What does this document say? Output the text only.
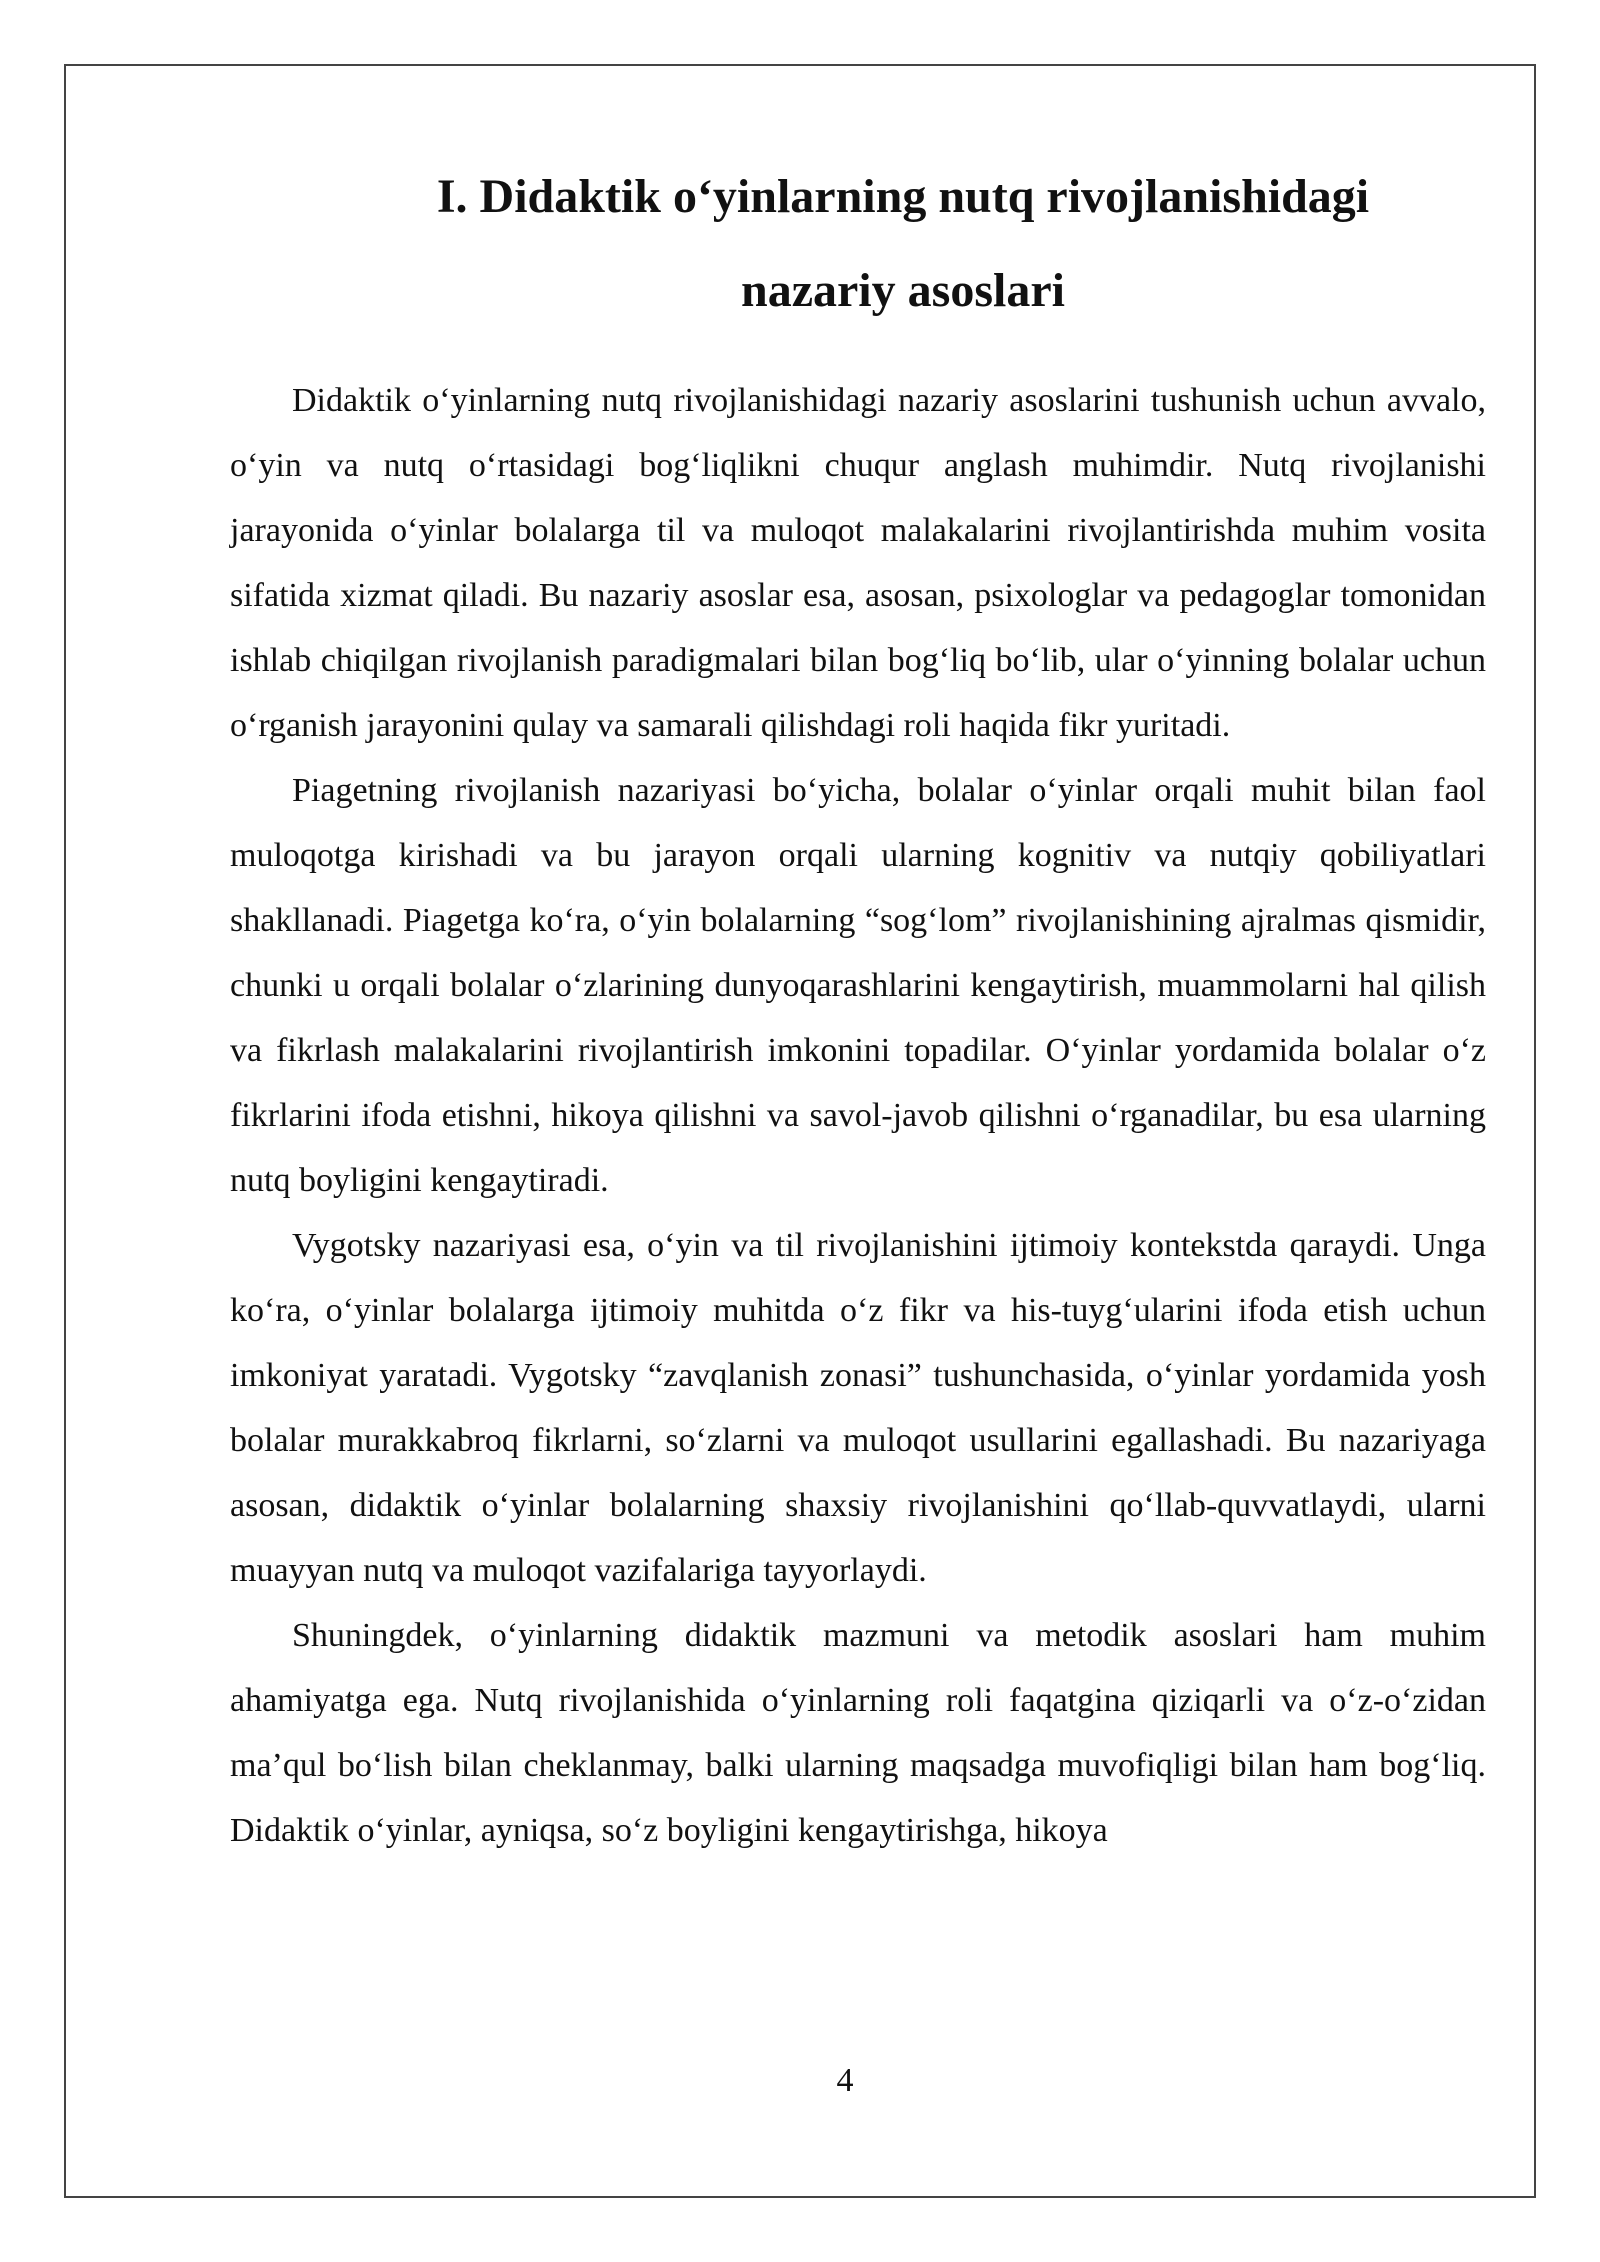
I. Didaktik o‘yinlarning nutq rivojlanishidagi
nazariy asoslari

Didaktik o‘yinlarning nutq rivojlanishidagi nazariy asoslarini tushunish uchun avvalo, o‘yin va nutq o‘rtasidagi bog‘liqlikni chuqur anglash muhimdir. Nutq rivojlanishi jarayonida o‘yinlar bolalarga til va muloqot malakalarini rivojlantirishda muhim vosita sifatida xizmat qiladi. Bu nazariy asoslar esa, asosan, psixologlar va pedagoglar tomonidan ishlab chiqilgan rivojlanish paradigmalari bilan bog‘liq bo‘lib, ular o‘yinning bolalar uchun o‘rganish jarayonini qulay va samarali qilishdagi roli haqida fikr yuritadi.

Piagetning rivojlanish nazariyasi bo‘yicha, bolalar o‘yinlar orqali muhit bilan faol muloqotga kirishadi va bu jarayon orqali ularning kognitiv va nutqiy qobiliyatlari shakllanadi. Piagetga ko‘ra, o‘yin bolalarning “sog‘lom” rivojlanishining ajralmas qismidir, chunki u orqali bolalar o‘zlarining dunyoqarashlarini kengaytirish, muammolarni hal qilish va fikrlash malakalarini rivojlantirish imkonini topadilar. O‘yinlar yordamida bolalar o‘z fikrlarini ifoda etishni, hikoya qilishni va savol-javob qilishni o‘rganadilar, bu esa ularning nutq boyligini kengaytiradi.

Vygotsky nazariyasi esa, o‘yin va til rivojlanishini ijtimoiy kontekstda qaraydi. Unga ko‘ra, o‘yinlar bolalarga ijtimoiy muhitda o‘z fikr va his-tuyg‘ularini ifoda etish uchun imkoniyat yaratadi. Vygotsky “zavqlanish zonasi” tushunchasida, o‘yinlar yordamida yosh bolalar murakkabroq fikrlarni, so‘zlarni va muloqot usullarini egallashadi. Bu nazariyaga asosan, didaktik o‘yinlar bolalarning shaxsiy rivojlanishini qo‘llab-quvvatlaydi, ularni muayyan nutq va muloqot vazifalariga tayyorlaydi.

Shuningdek, o‘yinlarning didaktik mazmuni va metodik asoslari ham muhim ahamiyatga ega. Nutq rivojlanishida o‘yinlarning roli faqatgina qiziqarli va o‘z-o‘zidan ma’qul bo‘lish bilan cheklanmay, balki ularning maqsadga muvofiqligi bilan ham bog‘liq. Didaktik o‘yinlar, ayniqsa, so‘z boyligini kengaytirishga, hikoya

4
